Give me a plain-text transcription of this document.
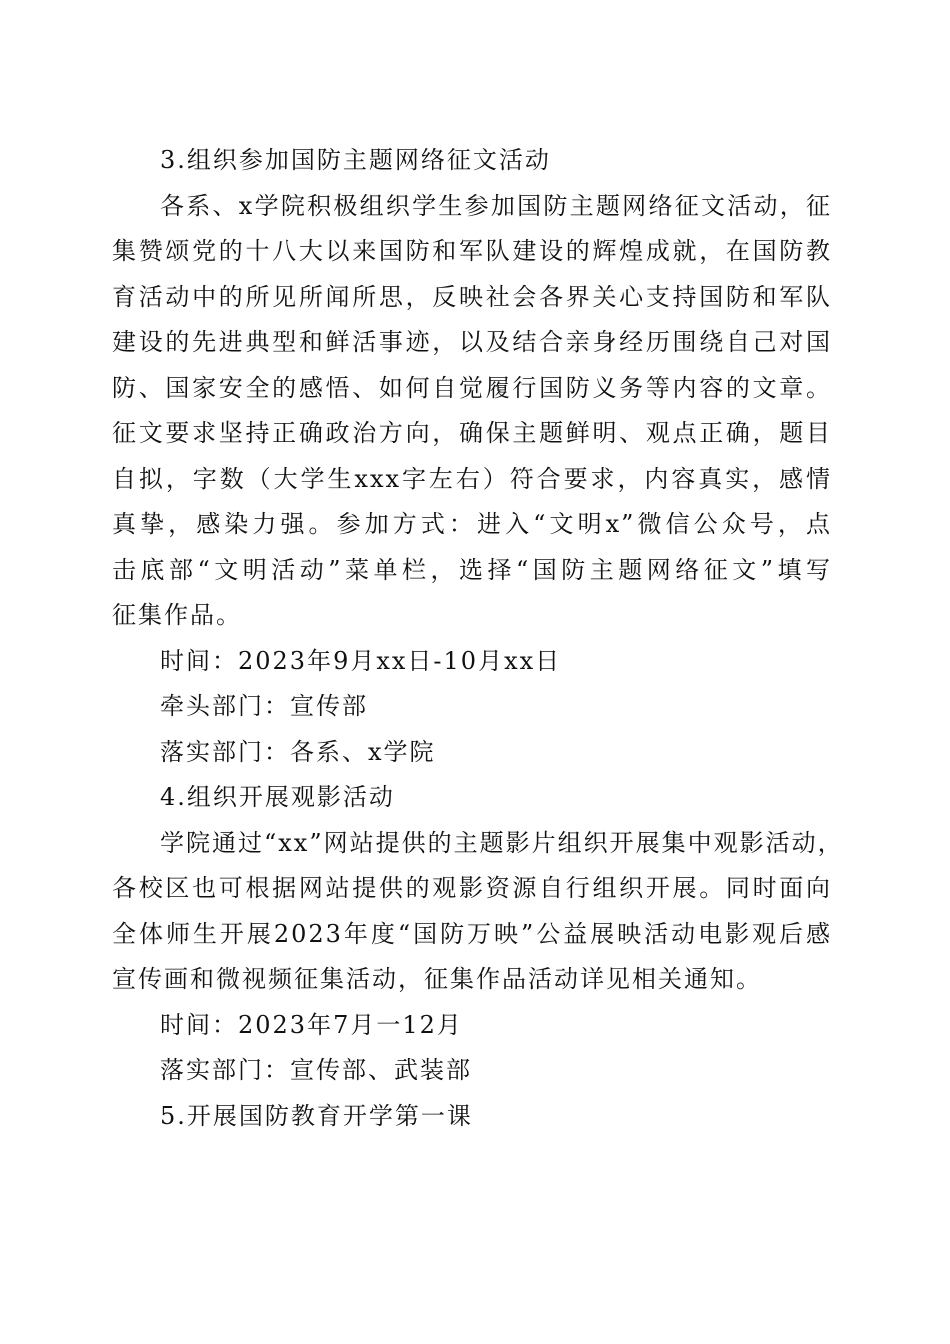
3.组织参加国防主题网络征文活动
各系、x学院积极组织学生参加国防主题网络征文活动，征
集赞颂党的十八大以来国防和军队建设的辉煌成就，在国防教
育活动中的所见所闻所思，反映社会各界关心支持国防和军队
建设的先进典型和鲜活事迹，以及结合亲身经历围绕自己对国
防、国家安全的感悟、如何自觉履行国防义务等内容的文章。
征文要求坚持正确政治方向，确保主题鲜明、观点正确，题目
自拟，字数（大学生xxx字左右）符合要求，内容真实，感情
真挚，感染力强。参加方式：进入“文明x”微信公众号，点
击底部“文明活动”菜单栏，选择“国防主题网络征文”填写
征集作品。
时间：2023年9月xx日-10月xx日
牵头部门：宣传部
落实部门：各系、x学院
4.组织开展观影活动
学院通过“xx”网站提供的主题影片组织开展集中观影活动，
各校区也可根据网站提供的观影资源自行组织开展。同时面向
全体师生开展2023年度“国防万映”公益展映活动电影观后感
宣传画和微视频征集活动，征集作品活动详见相关通知。
时间：2023年7月一12月
落实部门：宣传部、武装部
5.开展国防教育开学第一课
